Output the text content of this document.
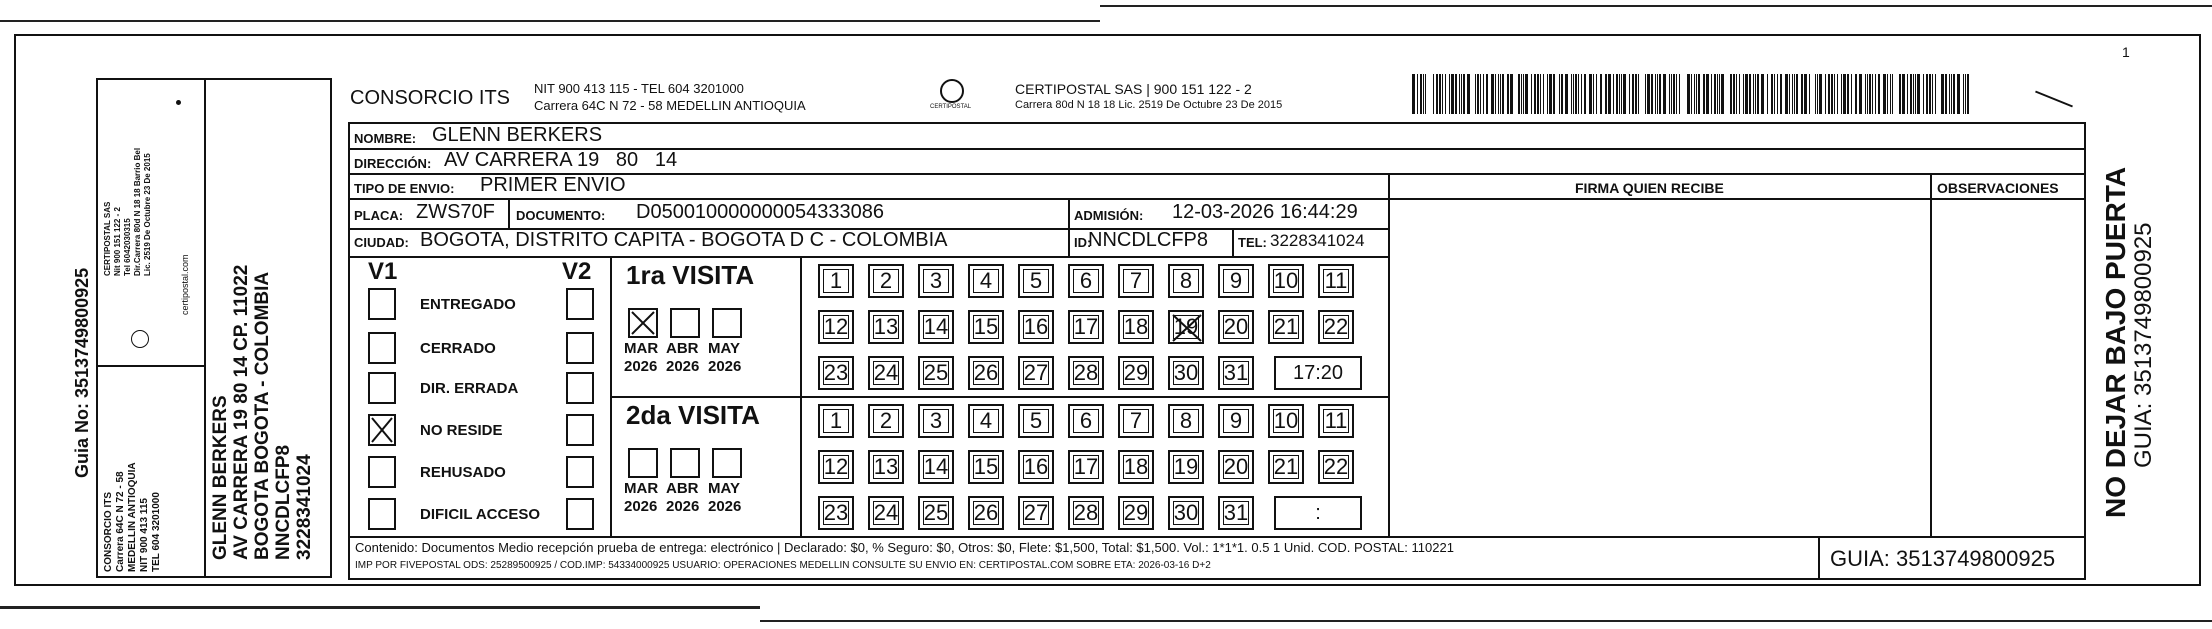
Guia No: 3513749800925
CONSORCIO ITS Carrera 64C N 72 - 58 MEDELLIN ANTIOQUIA NIT 900 413 115 TEL 604 3201000
CERTIPOSTAL SAS Nit 900 151 122 - 2 Tel 6042030315 Dir.Carrera 80d N 18 18 Barrio Bel Lic. 2519 De Octubre 23 De 2015
certipostal.com
GLENN BERKERS AV CARRERA 19 80 14 CP. 11022 BOGOTA BOGOTA - COLOMBIA NNCDLCFP8 3228341024
CONSORCIO ITS NIT 900 413 115 - TEL 604 3201000
Carrera 64C N 72 - 58 MEDELLIN ANTIOQUIA	CERTIPOSTAL
CERTIPOSTAL SAS | 900 151 122 - 2
Carrera 80d N 18 18 Lic. 2519 De Octubre 23 De 2015
1
NOMBRE: GLENN BERKERS
DIRECCIÓN: AV CARRERA 19   80   14
TIPO DE ENVIO: PRIMER ENVIO	FIRMA QUIEN RECIBE	OBSERVACIONES
PLACA: ZWS70F DOCUMENTO: D050010000000054333086	ADMISIÓN: 12-03-2026 16:44:29
CIUDAD: BOGOTA, DISTRITO CAPITA - BOGOTA D C - COLOMBIA	ID:
NNCDLCFP8 TEL: 3228341024
V1	V2
ENTREGADO
CERRADO
DIR. ERRADA
NO RESIDE
REHUSADO
DIFICIL ACCESO
1ra VISITA
2da VISITA
MAR
2026
ABR
2026
MAY
2026
MAR
2026
ABR
2026
MAY
2026
1	2	3	4	5	6	7	8	9	10 11
12 13 14 15 16 17 18 19 20 21 22
23 24 25 26 27 28 29 30 31	17:20
1	2	3	4	5	6	7	8	9	10 11
12 13 14 15 16 17 18 19 20 21 22
23 24 25 26 27 28 29 30 31	:
Contenido: Documentos Medio recepción prueba de entrega: electrónico | Declarado: $0, % Seguro: $0, Otros: $0, Flete: $1,500, Total: $1,500. Vol.: 1*1*1. 0.5 1 Unid. COD. POSTAL: 110221
IMP POR FIVEPOSTAL ODS: 25289500925 / COD.IMP: 54334000925 USUARIO: OPERACIONES MEDELLIN CONSULTE SU ENVIO EN: CERTIPOSTAL.COM SOBRE ETA: 2026-03-16 D+2	GUIA: 3513749800925
NO DEJAR BAJO PUERTA GUIA: 3513749800925
